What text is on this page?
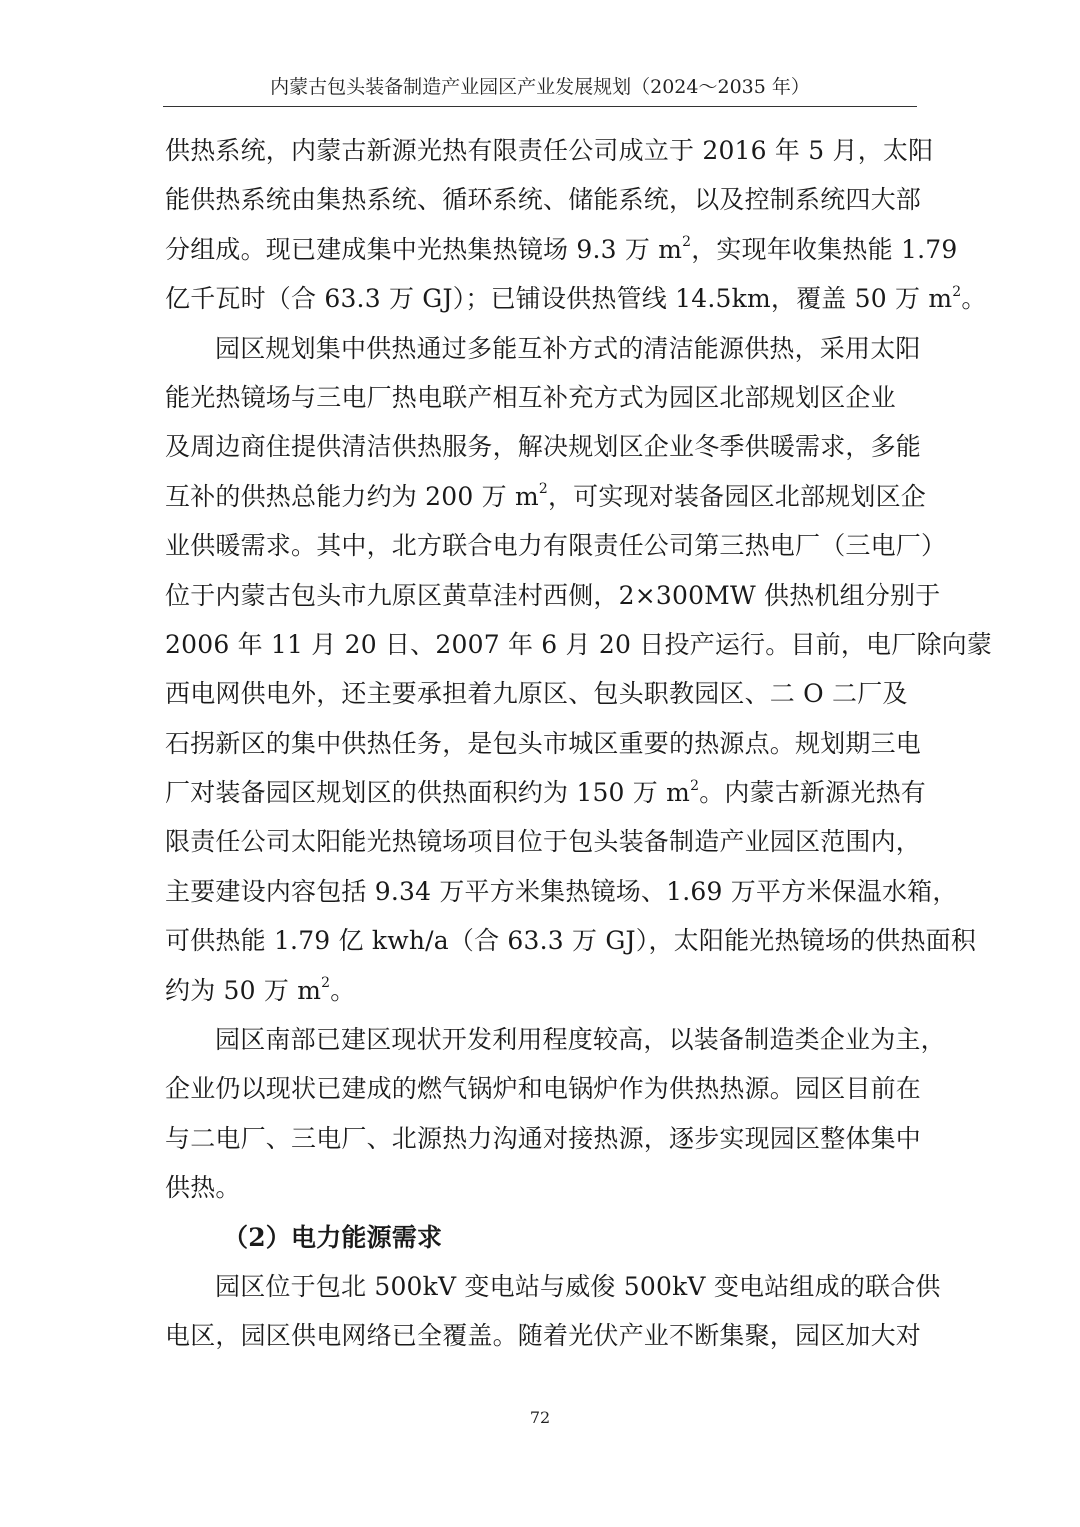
内蒙古包头装备制造产业园区产业发展规划（2024～2035 年）
供热系统，内蒙古新源光热有限责任公司成立于 2016 年 5 月，太阳
能供热系统由集热系统、循环系统、储能系统，以及控制系统四大部
分组成。现已建成集中光热集热镜场 9.3 万 $m^2$，实现年收集热能 1.79
亿千瓦时（合 63.3 万 GJ）；已铺设供热管线 14.5km，覆盖 50 万 $m^2$。
园区规划集中供热通过多能互补方式的清洁能源供热，采用太阳
能光热镜场与三电厂热电联产相互补充方式为园区北部规划区企业
及周边商住提供清洁供热服务，解决规划区企业冬季供暖需求，多能
互补的供热总能力约为 200 万 $m^2$，可实现对装备园区北部规划区企
业供暖需求。其中，北方联合电力有限责任公司第三热电厂（三电厂）
位于内蒙古包头市九原区黄草洼村西侧，2×300MW 供热机组分别于
2006 年 11 月 20 日、2007 年 6 月 20 日投产运行。目前，电厂除向蒙
西电网供电外，还主要承担着九原区、包头职教园区、二 O 二厂及
石拐新区的集中供热任务，是包头市城区重要的热源点。规划期三电
厂对装备园区规划区的供热面积约为 150 万 $m^2$。内蒙古新源光热有
限责任公司太阳能光热镜场项目位于包头装备制造产业园区范围内，
主要建设内容包括 9.34 万平方米集热镜场、1.69 万平方米保温水箱，
可供热能 1.79 亿 kwh/a（合 63.3 万 GJ），太阳能光热镜场的供热面积
约为 50 万 $m^2$。
园区南部已建区现状开发利用程度较高，以装备制造类企业为主，
企业仍以现状已建成的燃气锅炉和电锅炉作为供热热源。园区目前在
与二电厂、三电厂、北源热力沟通对接热源，逐步实现园区整体集中
供热。
（2）电力能源需求
园区位于包北 500kV 变电站与威俊 500kV 变电站组成的联合供
电区，园区供电网络已全覆盖。随着光伏产业不断集聚，园区加大对
72
